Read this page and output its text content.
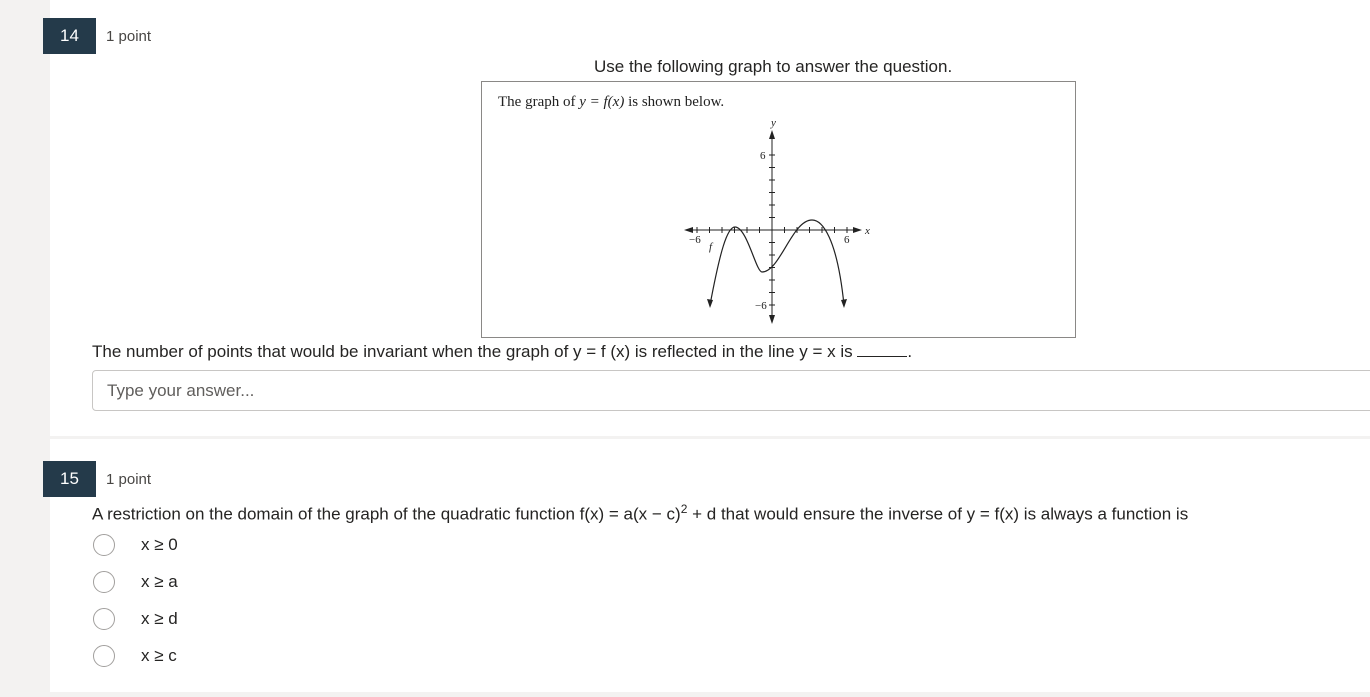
14	1 point
Use the following graph to answer the question.
The graph of y = f(x) is shown below.
y
x
−6	6
6
−6
f
The number of points that would be invariant when the graph of y = f (x) is reflected in the line y = x is	.
Type your answer...
15	1 point
A restriction on the domain of the graph of the quadratic function $f(x) = a(x - c)^2 + d$ that would ensure the inverse of y = f(x) is always a function is
x ≥ 0
x ≥ a
x ≥ d
x ≥ c
